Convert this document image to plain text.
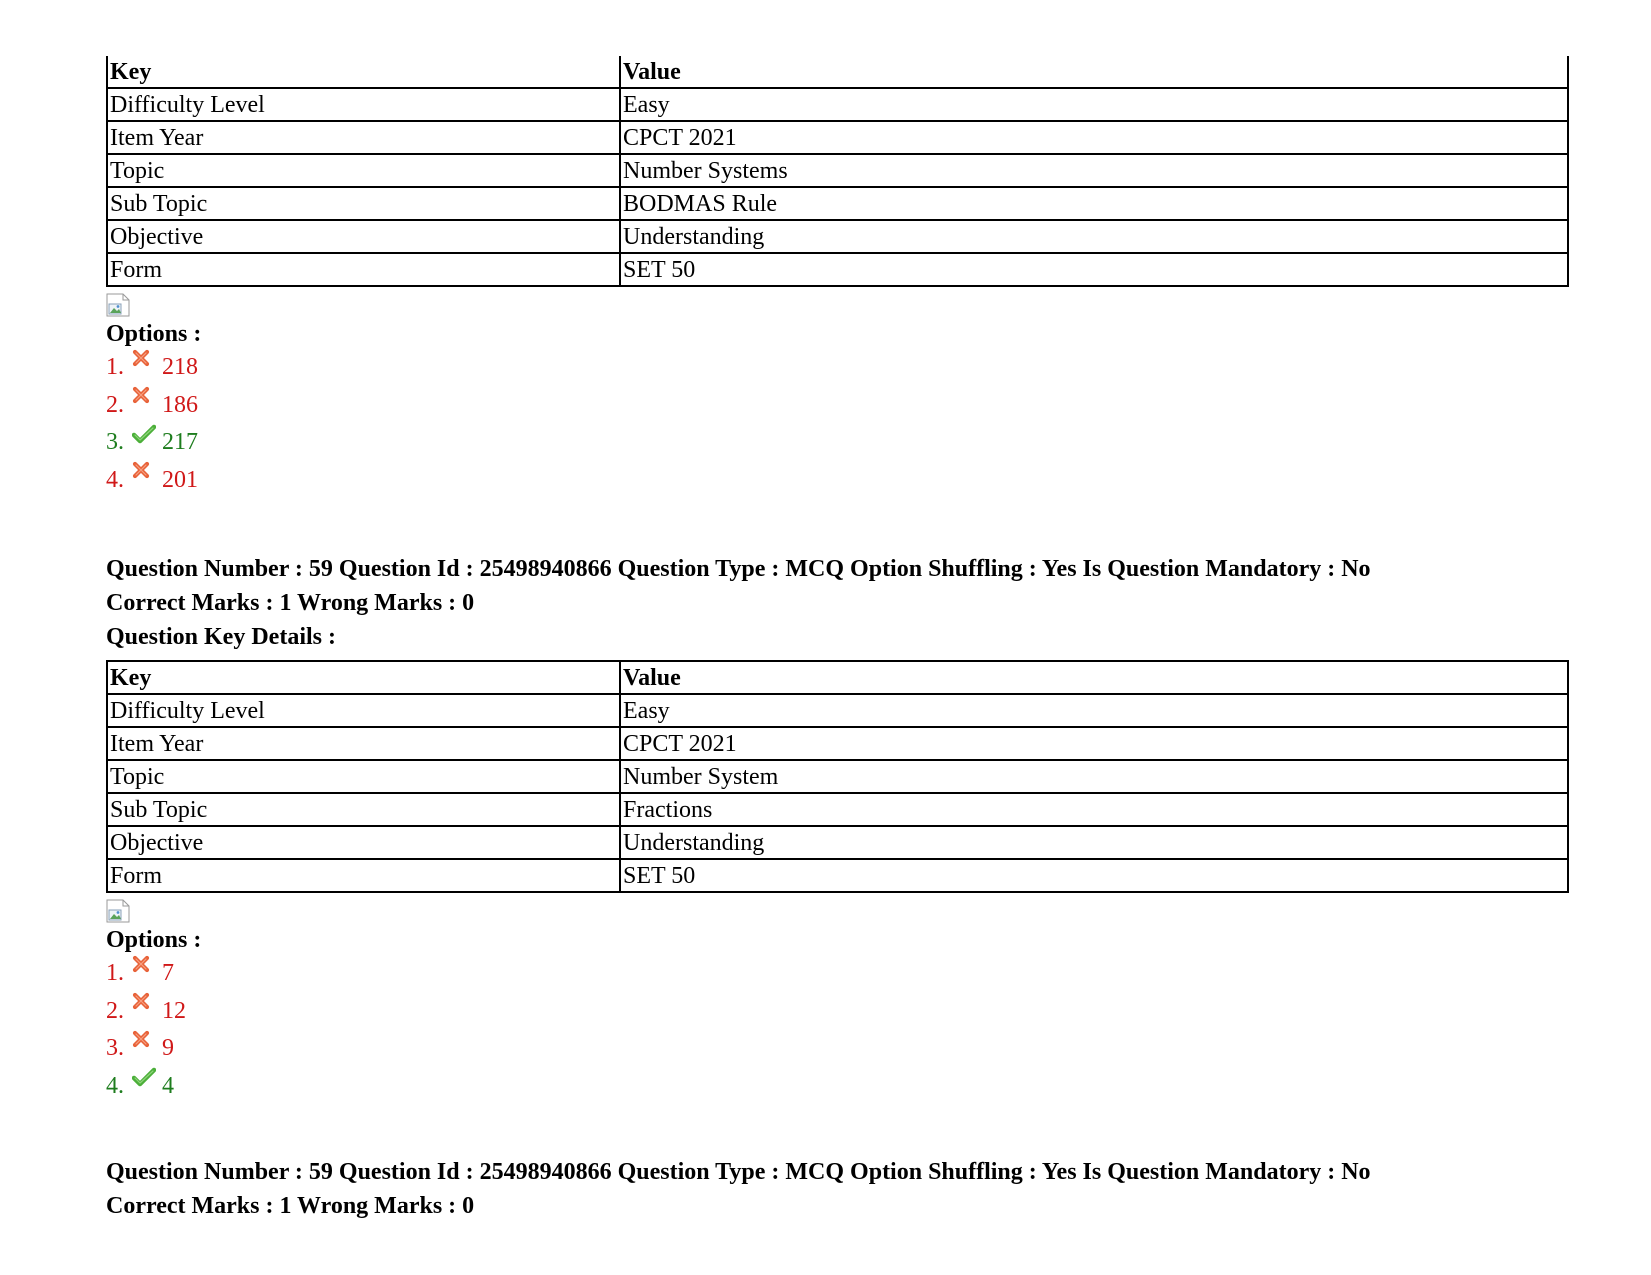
Key	Value
Difficulty Level	Easy
Item Year	CPCT 2021
Topic	Number Systems
Sub Topic	BODMAS Rule
Objective	Understanding
Form	SET 50
Options :
1.	218
2.	186
3.	217
4.	201
Question Number : 59 Question Id : 25498940866 Question Type : MCQ Option Shuffling : Yes Is Question Mandatory : No
Correct Marks : 1 Wrong Marks : 0
Question Key Details :
Key	Value
Difficulty Level	Easy
Item Year	CPCT 2021
Topic	Number System
Sub Topic	Fractions
Objective	Understanding
Form	SET 50
Options :
1.	7
2.	12
3.	9
4.	4
Question Number : 59 Question Id : 25498940866 Question Type : MCQ Option Shuffling : Yes Is Question Mandatory : No
Correct Marks : 1 Wrong Marks : 0
